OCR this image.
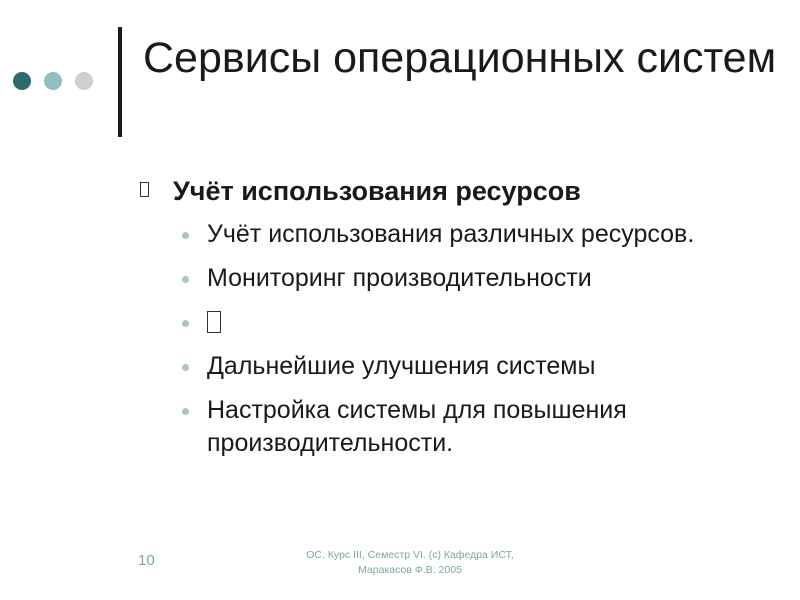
Сервисы операционных систем
Учёт использования ресурсов
Учёт использования различных ресурсов.
Мониторинг производительности
Дальнейшие улучшения системы
Настройка системы для повышения производительности.
10	ОС. Курс III, Семестр VI. (c) Кафедра ИСТ,
Маракасов Ф.В. 2005
